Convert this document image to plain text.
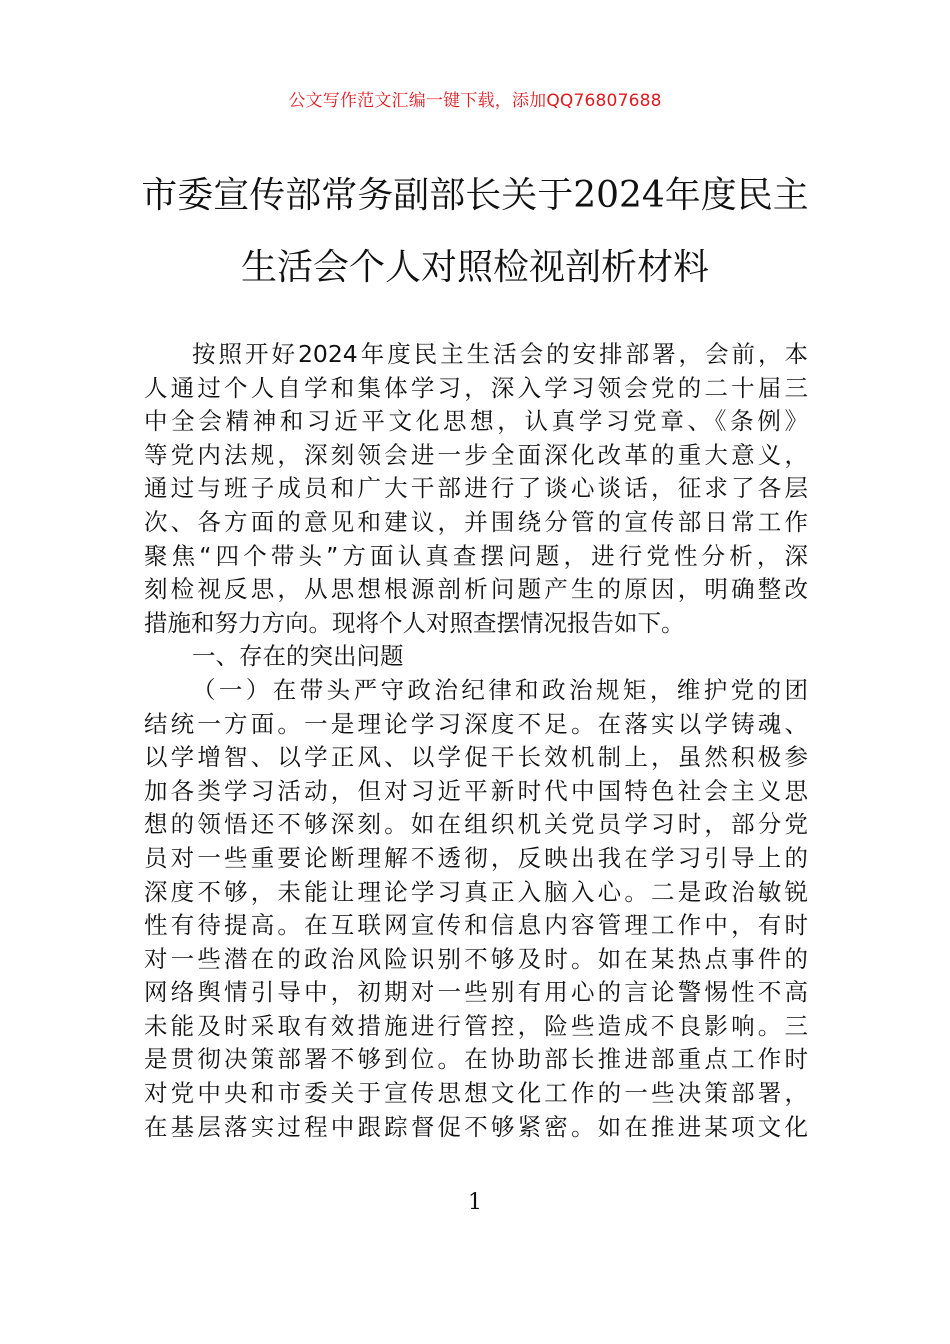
公文写作范文汇编一键下载，添加QQ76807688
市委宣传部常务副部长关于2024年度民主
生活会个人对照检视剖析材料
按照开好2024年度民主生活会的安排部署，会前，本
人通过个人自学和集体学习，深入学习领会党的二十届三
中全会精神和习近平文化思想，认真学习党章、《条例》
等党内法规，深刻领会进一步全面深化改革的重大意义，
通过与班子成员和广大干部进行了谈心谈话，征求了各层
次、各方面的意见和建议，并围绕分管的宣传部日常工作
聚焦“四个带头”方面认真查摆问题，进行党性分析，深
刻检视反思，从思想根源剖析问题产生的原因，明确整改
措施和努力方向。现将个人对照查摆情况报告如下。
一、存在的突出问题
（一）在带头严守政治纪律和政治规矩，维护党的团
结统一方面。一是理论学习深度不足。在落实以学铸魂、
以学增智、以学正风、以学促干长效机制上，虽然积极参
加各类学习活动，但对习近平新时代中国特色社会主义思
想的领悟还不够深刻。如在组织机关党员学习时，部分党
员对一些重要论断理解不透彻，反映出我在学习引导上的
深度不够，未能让理论学习真正入脑入心。二是政治敏锐
性有待提高。在互联网宣传和信息内容管理工作中，有时
对一些潜在的政治风险识别不够及时。如在某热点事件的
网络舆情引导中，初期对一些别有用心的言论警惕性不高
未能及时采取有效措施进行管控，险些造成不良影响。三
是贯彻决策部署不够到位。在协助部长推进部重点工作时
对党中央和市委关于宣传思想文化工作的一些决策部署，
在基层落实过程中跟踪督促不够紧密。如在推进某项文化
1
